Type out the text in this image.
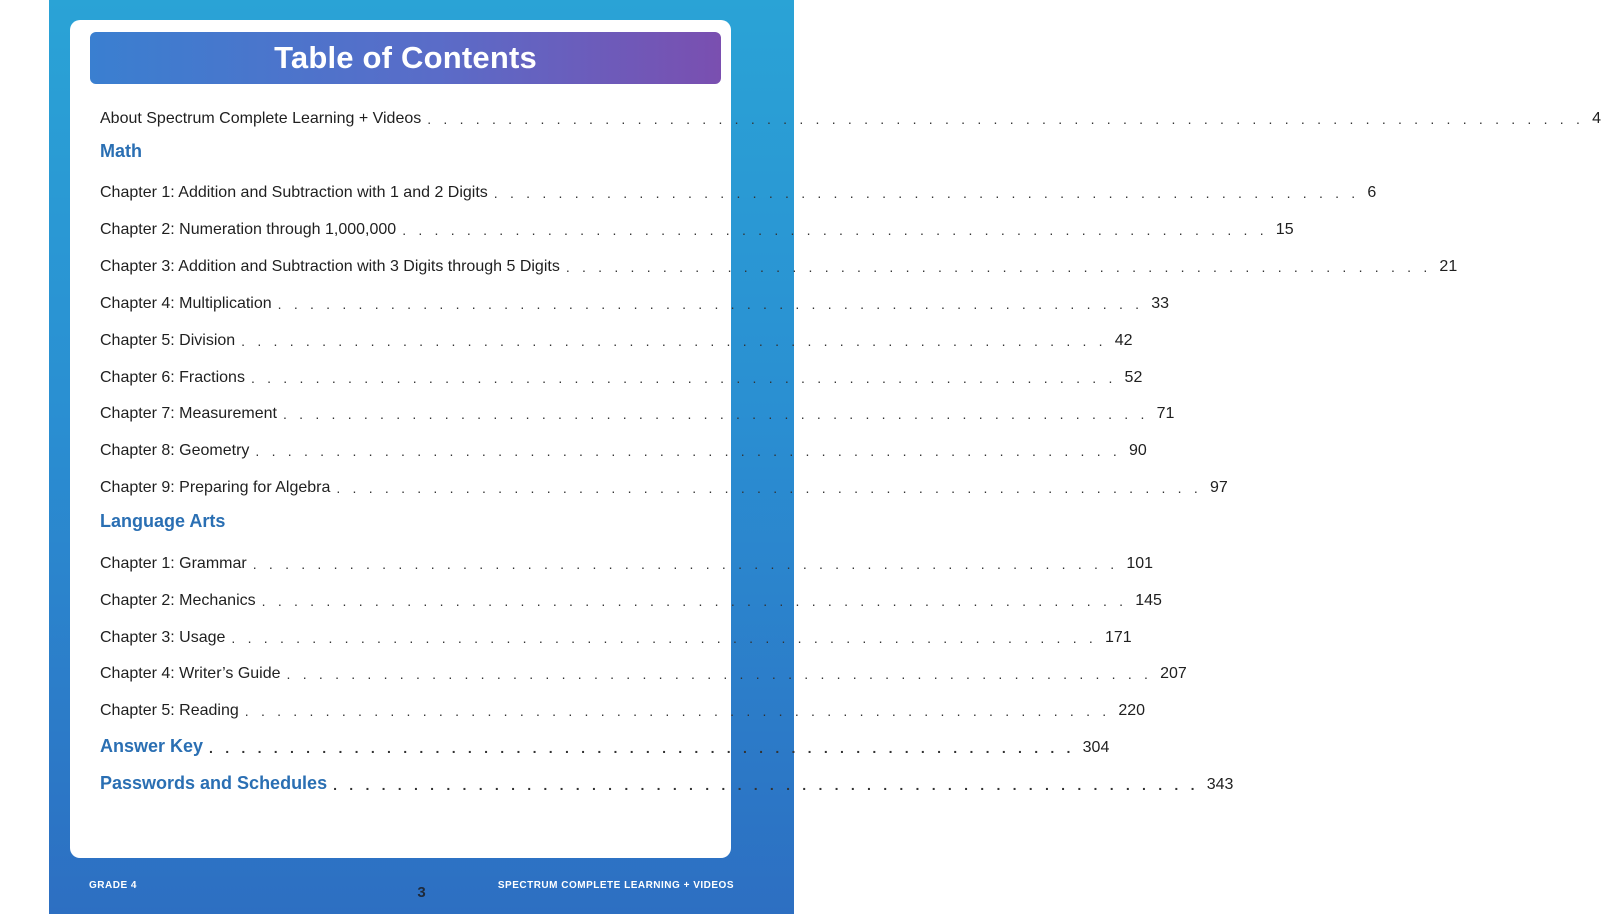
Table of Contents
About Spectrum Complete Learning + Videos . . . . . . . . . . . . . . . . . . . . . . . . . . . . . . . . . . . . . . . . . . . . . . . . . . . . . . . . . . . . . . . . . . . . . . . . 4
Math
Chapter 1: Addition and Subtraction with 1 and 2 Digits . . . . . . . . . . . . . . . . . . . . . . . . . . . . . . . . . . . . . . . . . . . . . . . . . . . . . . 6
Chapter 2: Numeration through 1,000,000 . . . . . . . . . . . . . . . . . . . . . . . . . . . . . . . . . . . . . . . . . . . . . . . . . . . . . . 15
Chapter 3: Addition and Subtraction with 3 Digits through 5 Digits . . . . . . . . . . . . . . . . . . . . . . . . . . . . . . . . . . . . . . . . . . . . . . . . . . . . . . 21
Chapter 4: Multiplication . . . . . . . . . . . . . . . . . . . . . . . . . . . . . . . . . . . . . . . . . . . . . . . . . . . . . . 33
Chapter 5: Division . . . . . . . . . . . . . . . . . . . . . . . . . . . . . . . . . . . . . . . . . . . . . . . . . . . . . . 42
Chapter 6: Fractions . . . . . . . . . . . . . . . . . . . . . . . . . . . . . . . . . . . . . . . . . . . . . . . . . . . . . . 52
Chapter 7: Measurement . . . . . . . . . . . . . . . . . . . . . . . . . . . . . . . . . . . . . . . . . . . . . . . . . . . . . . 71
Chapter 8: Geometry . . . . . . . . . . . . . . . . . . . . . . . . . . . . . . . . . . . . . . . . . . . . . . . . . . . . . . 90
Chapter 9: Preparing for Algebra . . . . . . . . . . . . . . . . . . . . . . . . . . . . . . . . . . . . . . . . . . . . . . . . . . . . . . 97
Language Arts
Chapter 1: Grammar . . . . . . . . . . . . . . . . . . . . . . . . . . . . . . . . . . . . . . . . . . . . . . . . . . . . . . 101
Chapter 2: Mechanics . . . . . . . . . . . . . . . . . . . . . . . . . . . . . . . . . . . . . . . . . . . . . . . . . . . . . . 145
Chapter 3: Usage . . . . . . . . . . . . . . . . . . . . . . . . . . . . . . . . . . . . . . . . . . . . . . . . . . . . . . 171
Chapter 4: Writer’s Guide . . . . . . . . . . . . . . . . . . . . . . . . . . . . . . . . . . . . . . . . . . . . . . . . . . . . . . 207
Chapter 5: Reading . . . . . . . . . . . . . . . . . . . . . . . . . . . . . . . . . . . . . . . . . . . . . . . . . . . . . . 220
Answer Key . . . . . . . . . . . . . . . . . . . . . . . . . . . . . . . . . . . . . . . . . . . . . . . . . . . . . . 304
Passwords and Schedules . . . . . . . . . . . . . . . . . . . . . . . . . . . . . . . . . . . . . . . . . . . . . . . . . . . . . . 343
GRADE 4	3	SPECTRUM COMPLETE LEARNING + VIDEOS
